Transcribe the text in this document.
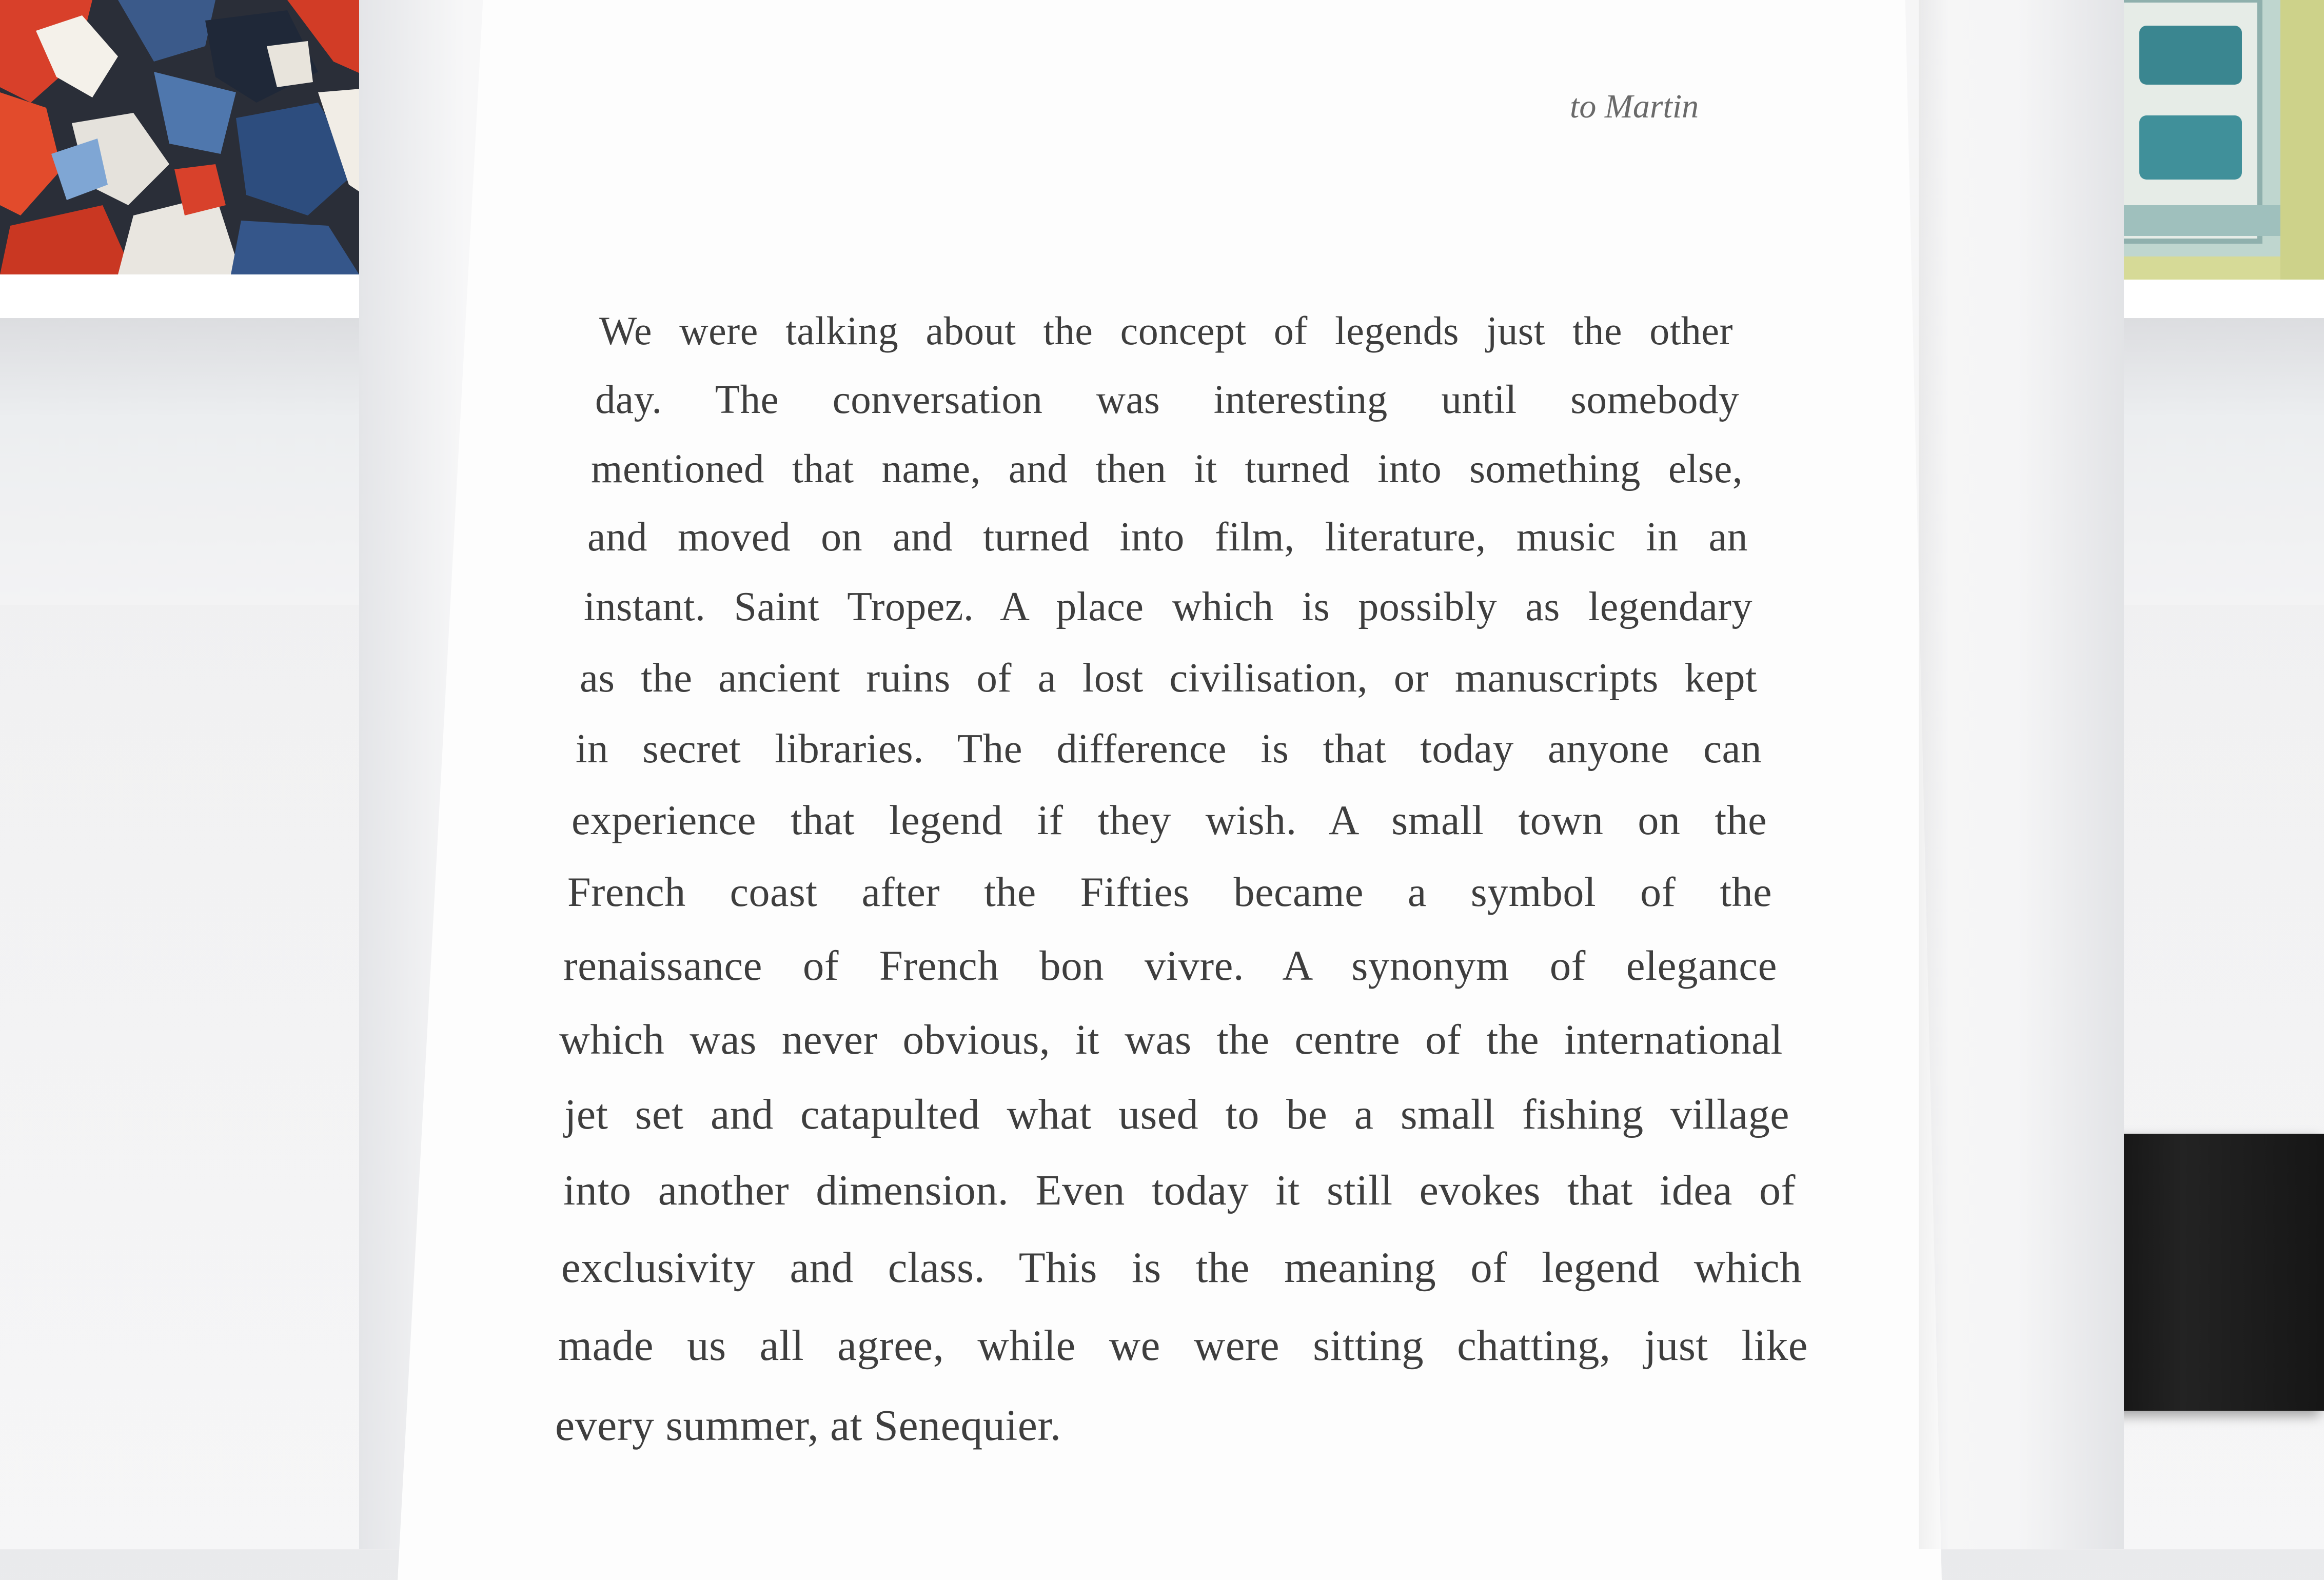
to Martin
We were talking about the concept of legends just the other
day. The conversation was interesting until somebody
mentioned that name, and then it turned into something else,
and moved on and turned into film, literature, music in an
instant. Saint Tropez. A place which is possibly as legendary
as the ancient ruins of a lost civilisation, or manuscripts kept
in secret libraries. The difference is that today anyone can
experience that legend if they wish. A small town on the
French coast after the Fifties became a symbol of the
renaissance of French bon vivre. A synonym of elegance
which was never obvious, it was the centre of the international
jet set and catapulted what used to be a small fishing village
into another dimension. Even today it still evokes that idea of
exclusivity and class. This is the meaning of legend which
made us all agree, while we were sitting chatting, just like
every summer, at Senequier.
